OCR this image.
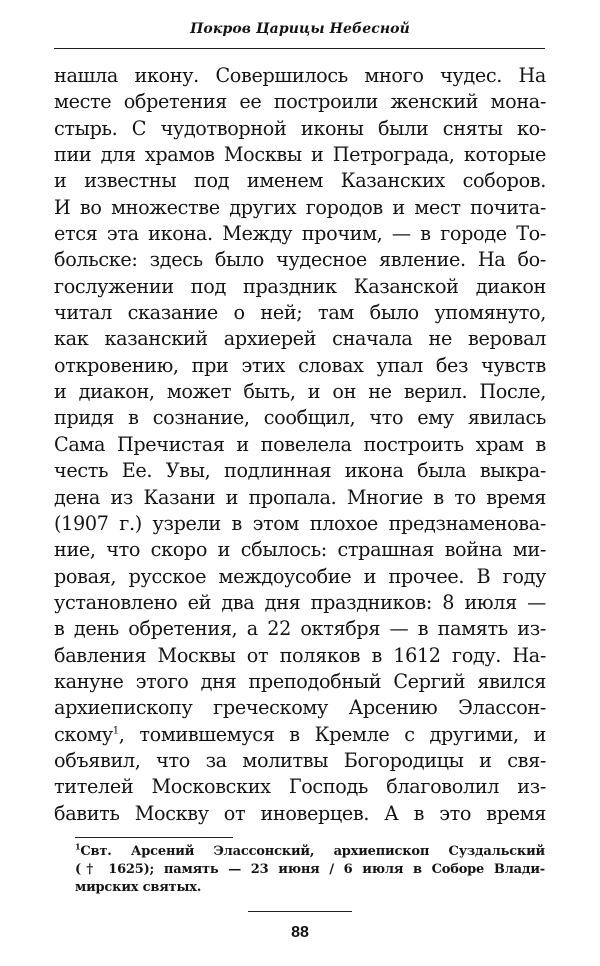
Покров Царицы Небесной
нашла икону. Совершилось много чудес. На
месте обретения ее построили женский мона-
стырь. С чудотворной иконы были сняты ко-
пии для храмов Москвы и Петрограда, которые
и известны под именем Казанских соборов.
И во множестве других городов и мест почита-
ется эта икона. Между прочим, — в городе То-
больске: здесь было чудесное явление. На бо-
гослужении под праздник Казанской диакон
читал сказание о ней; там было упомянуто,
как казанский архиерей сначала не веровал
откровению, при этих словах упал без чувств
и диакон, может быть, и он не верил. После,
придя в сознание, сообщил, что ему явилась
Сама Пречистая и повелела построить храм в
честь Ее. Увы, подлинная икона была выкра-
дена из Казани и пропала. Многие в то время
(1907 г.) узрели в этом плохое предзнаменова-
ние, что скоро и сбылось: страшная война ми-
ровая, русское междоусобие и прочее. В году
установлено ей два дня праздников: 8 июля —
в день обретения, а 22 октября — в память из-
бавления Москвы от поляков в 1612 году. На-
кануне этого дня преподобный Сергий явился
архиепископу греческому Арсению Элассон-
скому$^1$, томившемуся в Кремле с другими, и
объявил, что за молитвы Богородицы и свя-
тителей Московских Господь благоволил из-
бавить Москву от иноверцев. А в это время
$^1$Свт. Арсений Элассонский, архиепископ Суздальский
(† 1625); память — 23 июня / 6 июля в Соборе Влади-
мирских святых.
88
